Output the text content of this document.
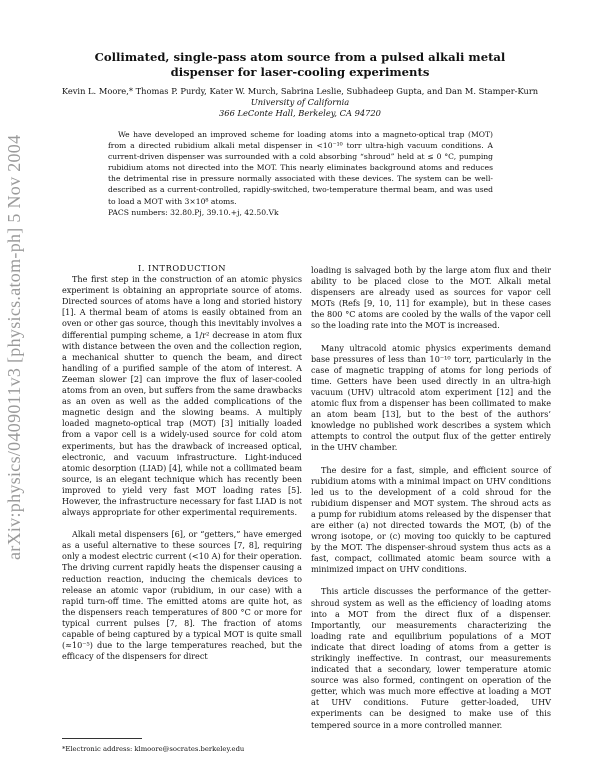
arXiv:physics/0409011v3 [physics.atom-ph] 5 Nov 2004
Collimated, single-pass atom source from a pulsed alkali metal dispenser for laser-cooling experiments
Kevin L. Moore,* Thomas P. Purdy, Kater W. Murch, Sabrina Leslie, Subhadeep Gupta, and Dan M. Stamper-Kurn
University of California
366 LeConte Hall, Berkeley, CA 94720

We have developed an improved scheme for loading atoms into a magneto-optical trap (MOT) from a directed rubidium alkali metal dispenser in <10⁻¹⁰ torr ultra-high vacuum conditions. A current-driven dispenser was surrounded with a cold absorbing “shroud” held at ≤ 0 °C, pumping rubidium atoms not directed into the MOT. This nearly eliminates background atoms and reduces the detrimental rise in pressure normally associated with these devices. The system can be well-described as a current-controlled, rapidly-switched, two-temperature thermal beam, and was used to load a MOT with 3×10⁸ atoms.

PACS numbers: 32.80.Pj, 39.10.+j, 42.50.Vk

I. INTRODUCTION

The first step in the construction of an atomic physics experiment is obtaining an appropriate source of atoms. Directed sources of atoms have a long and storied history [1]. A thermal beam of atoms is easily obtained from an oven or other gas source, though this inevitably involves a differential pumping scheme, a 1/r² decrease in atom flux with distance between the oven and the collection region, a mechanical shutter to quench the beam, and direct handling of a purified sample of the atom of interest. A Zeeman slower [2] can improve the flux of laser-cooled atoms from an oven, but suffers from the same drawbacks as an oven as well as the added complications of the magnetic design and the slowing beams. A multiply loaded magneto-optical trap (MOT) [3] initially loaded from a vapor cell is a widely-used source for cold atom experiments, but has the drawback of increased optical, electronic, and vacuum infrastructure. Light-induced atomic desorption (LIAD) [4], while not a collimated beam source, is an elegant technique which has recently been improved to yield very fast MOT loading rates [5]. However, the infrastructure necessary for fast LIAD is not always appropriate for other experimental requirements.

Alkali metal dispensers [6], or “getters,” have emerged as a useful alternative to these sources [7, 8], requiring only a modest electric current (<10 A) for their operation. The driving current rapidly heats the dispenser causing a reduction reaction, inducing the chemicals devices to release an atomic vapor (rubidium, in our case) with a rapid turn-off time. The emitted atoms are quite hot, as the dispensers reach temperatures of 800 °C or more for typical current pulses [7, 8]. The fraction of atoms capable of being captured by a typical MOT is quite small (≈10⁻⁵) due to the large temperatures reached, but the efficacy of the dispensers for direct

loading is salvaged both by the large atom flux and their ability to be placed close to the MOT. Alkali metal dispensers are already used as sources for vapor cell MOTs (Refs [9, 10, 11] for example), but in these cases the 800 °C atoms are cooled by the walls of the vapor cell so the loading rate into the MOT is increased.

Many ultracold atomic physics experiments demand base pressures of less than 10⁻¹⁰ torr, particularly in the case of magnetic trapping of atoms for long periods of time. Getters have been used directly in an ultra-high vacuum (UHV) ultracold atom experiment [12] and the atomic flux from a dispenser has been collimated to make an atom beam [13], but to the best of the authors’ knowledge no published work describes a system which attempts to control the output flux of the getter entirely in the UHV chamber.

The desire for a fast, simple, and efficient source of rubidium atoms with a minimal impact on UHV conditions led us to the development of a cold shroud for the rubidium dispenser and MOT system. The shroud acts as a pump for rubidium atoms released by the dispenser that are either (a) not directed towards the MOT, (b) of the wrong isotope, or (c) moving too quickly to be captured by the MOT. The dispenser-shroud system thus acts as a fast, compact, collimated atomic beam source with a minimized impact on UHV conditions.

This article discusses the performance of the getter-shroud system as well as the efficiency of loading atoms into a MOT from the direct flux of a dispenser. Importantly, our measurements characterizing the loading rate and equilibrium populations of a MOT indicate that direct loading of atoms from a getter is strikingly ineffective. In contrast, our measurements indicated that a secondary, lower temperature atomic source was also formed, contingent on operation of the getter, which was much more effective at loading a MOT at UHV conditions. Future getter-loaded, UHV experiments can be designed to make use of this tempered source in a more controlled manner.

*Electronic address: klmoore@socrates.berkeley.edu
